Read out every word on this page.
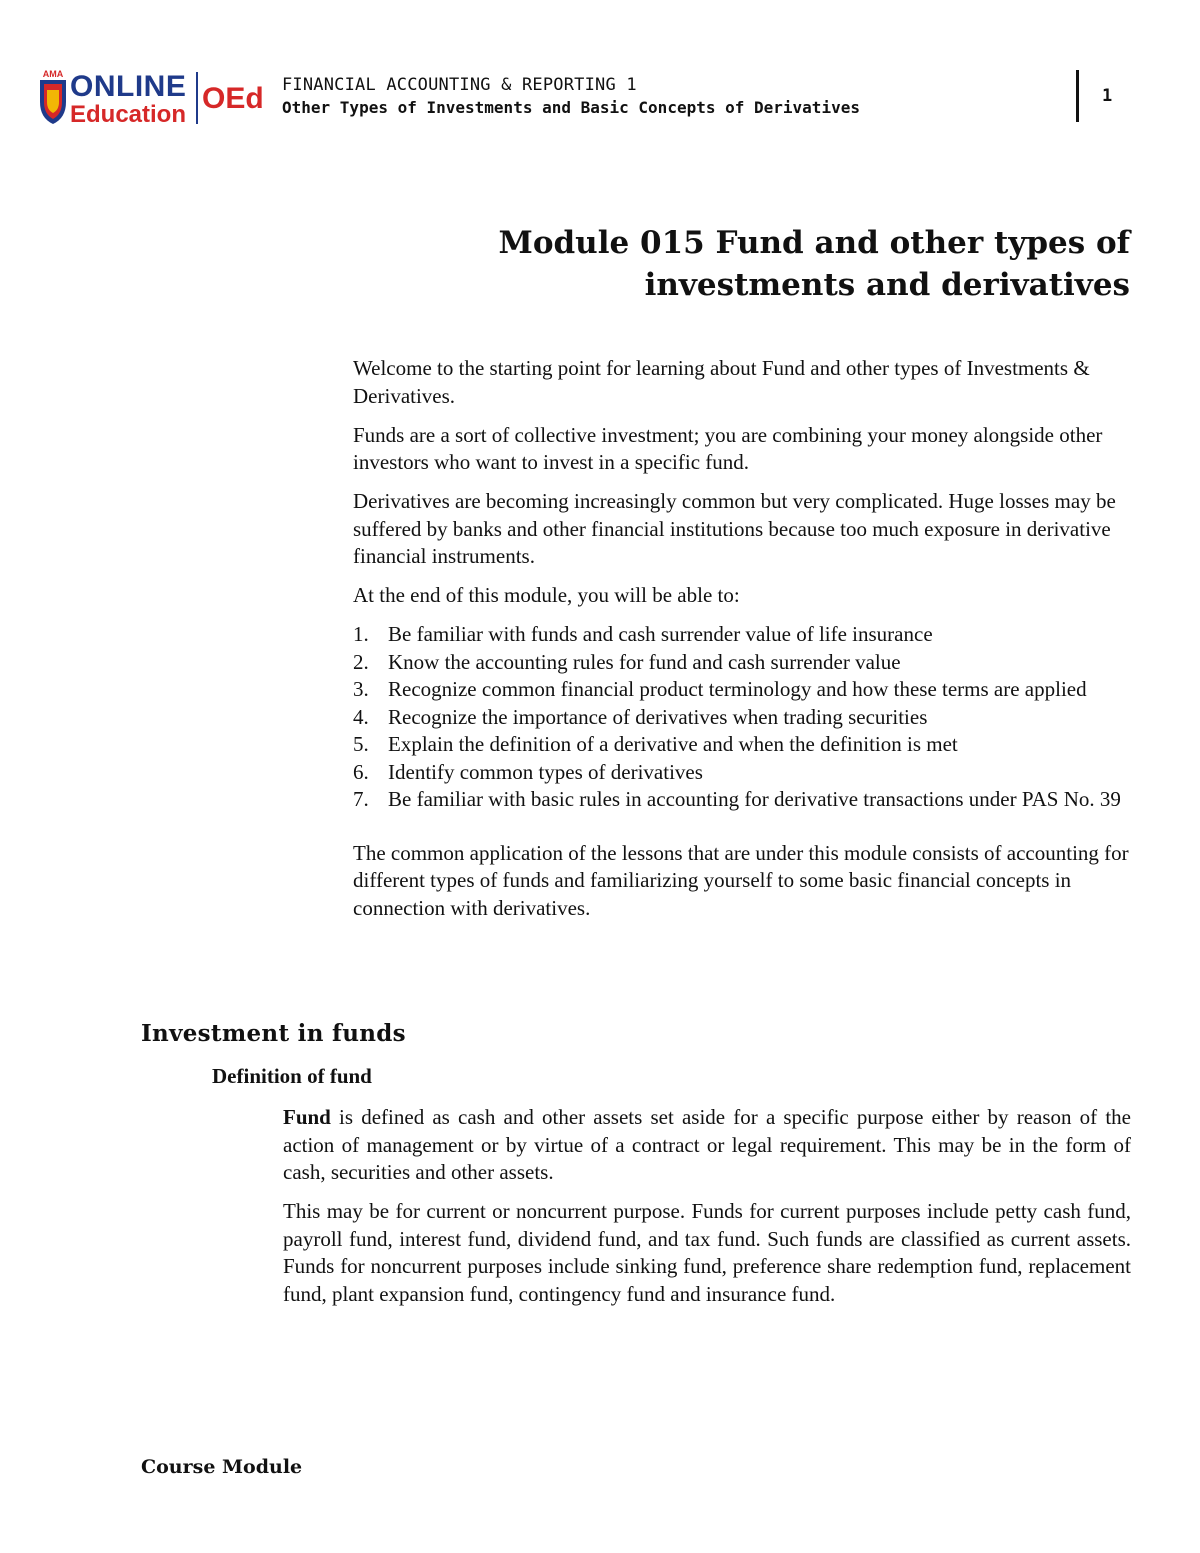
AMA ONLINE
Education OEd FINANCIAL ACCOUNTING & REPORTING 1
Other Types of Investments and Basic Concepts of Derivatives
1
Module 015 Fund and other types of
investments and derivatives

Welcome to the starting point for learning about Fund and other types of Investments & Derivatives.

Funds are a sort of collective investment; you are combining your money alongside other investors who want to invest in a specific fund.

Derivatives are becoming increasingly common but very complicated. Huge losses may be suffered by banks and other financial institutions because too much exposure in derivative financial instruments.

At the end of this module, you will be able to:

1. Be familiar with funds and cash surrender value of life insurance
2. Know the accounting rules for fund and cash surrender value
3. Recognize common financial product terminology and how these terms are applied
4. Recognize the importance of derivatives when trading securities
5. Explain the definition of a derivative and when the definition is met
6. Identify common types of derivatives
7. Be familiar with basic rules in accounting for derivative transactions under PAS No. 39

The common application of the lessons that are under this module consists of accounting for different types of funds and familiarizing yourself to some basic financial concepts in connection with derivatives.

Investment in funds
Definition of fund

Fund is defined as cash and other assets set aside for a specific purpose either by reason of the action of management or by virtue of a contract or legal requirement. This may be in the form of cash, securities and other assets.

This may be for current or noncurrent purpose. Funds for current purposes include petty cash fund, payroll fund, interest fund, dividend fund, and tax fund. Such funds are classified as current assets. Funds for noncurrent purposes include sinking fund, preference share redemption fund, replacement fund, plant expansion fund, contingency fund and insurance fund.

Course Module
